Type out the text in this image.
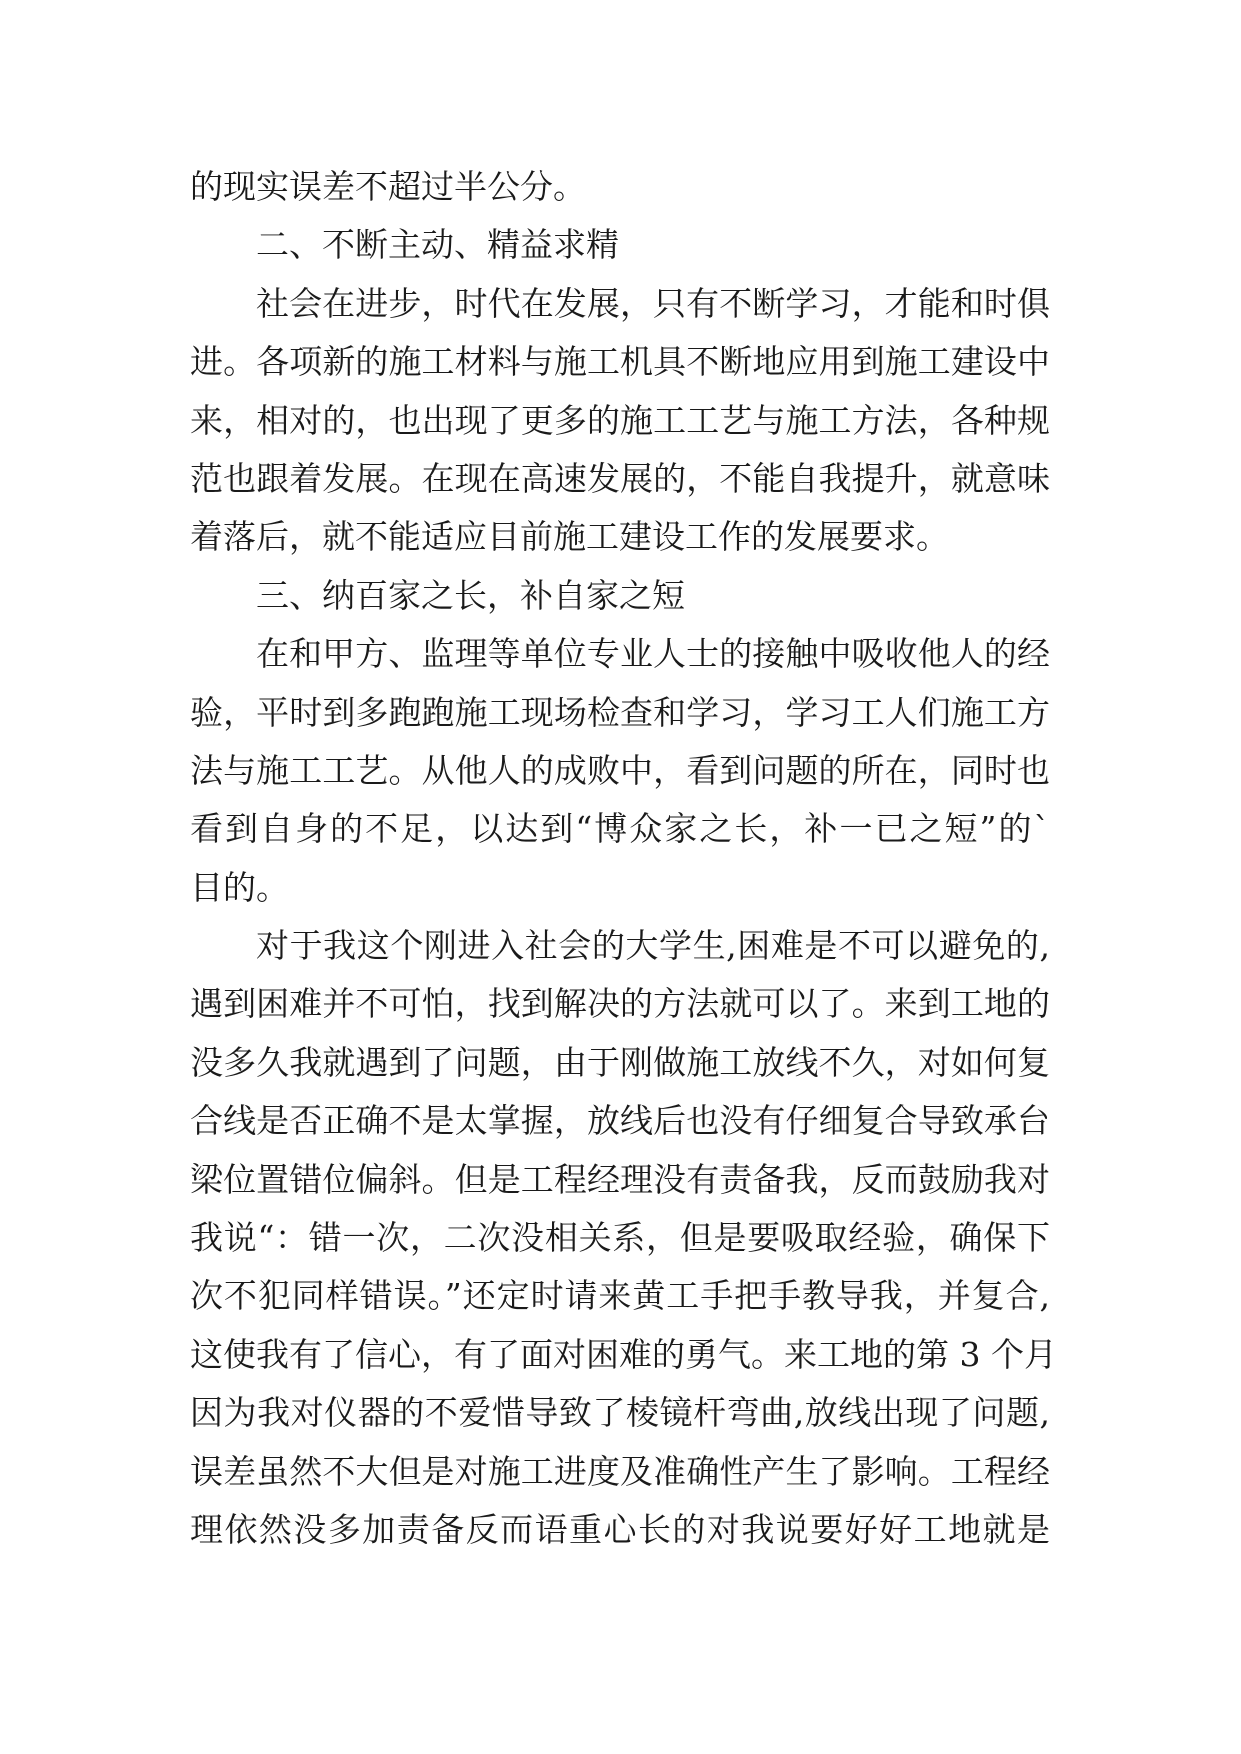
的现实误差不超过半公分。
二、不断主动、精益求精
社会在进步，时代在发展，只有不断学习，才能和时俱
进。各项新的施工材料与施工机具不断地应用到施工建设中
来，相对的，也出现了更多的施工工艺与施工方法，各种规
范也跟着发展。在现在高速发展的，不能自我提升，就意味
着落后，就不能适应目前施工建设工作的发展要求。
三、纳百家之长，补自家之短
在和甲方、监理等单位专业人士的接触中吸收他人的经
验，平时到多跑跑施工现场检查和学习，学习工人们施工方
法与施工工艺。从他人的成败中，看到问题的所在，同时也
看到自身的不足，以达到“博众家之长，补一已之短”的`
目的。
对于我这个刚进入社会的大学生,困难是不可以避免的,
遇到困难并不可怕，找到解决的方法就可以了。来到工地的
没多久我就遇到了问题，由于刚做施工放线不久，对如何复
合线是否正确不是太掌握，放线后也没有仔细复合导致承台
梁位置错位偏斜。但是工程经理没有责备我，反而鼓励我对
我说“：错一次，二次没相关系，但是要吸取经验，确保下
次不犯同样错误。”还定时请来黄工手把手教导我，并复合,
这使我有了信心，有了面对困难的勇气。来工地的第 3 个月
因为我对仪器的不爱惜导致了棱镜杆弯曲,放线出现了问题,
误差虽然不大但是对施工进度及准确性产生了影响。工程经
理依然没多加责备反而语重心长的对我说要好好工地就是
